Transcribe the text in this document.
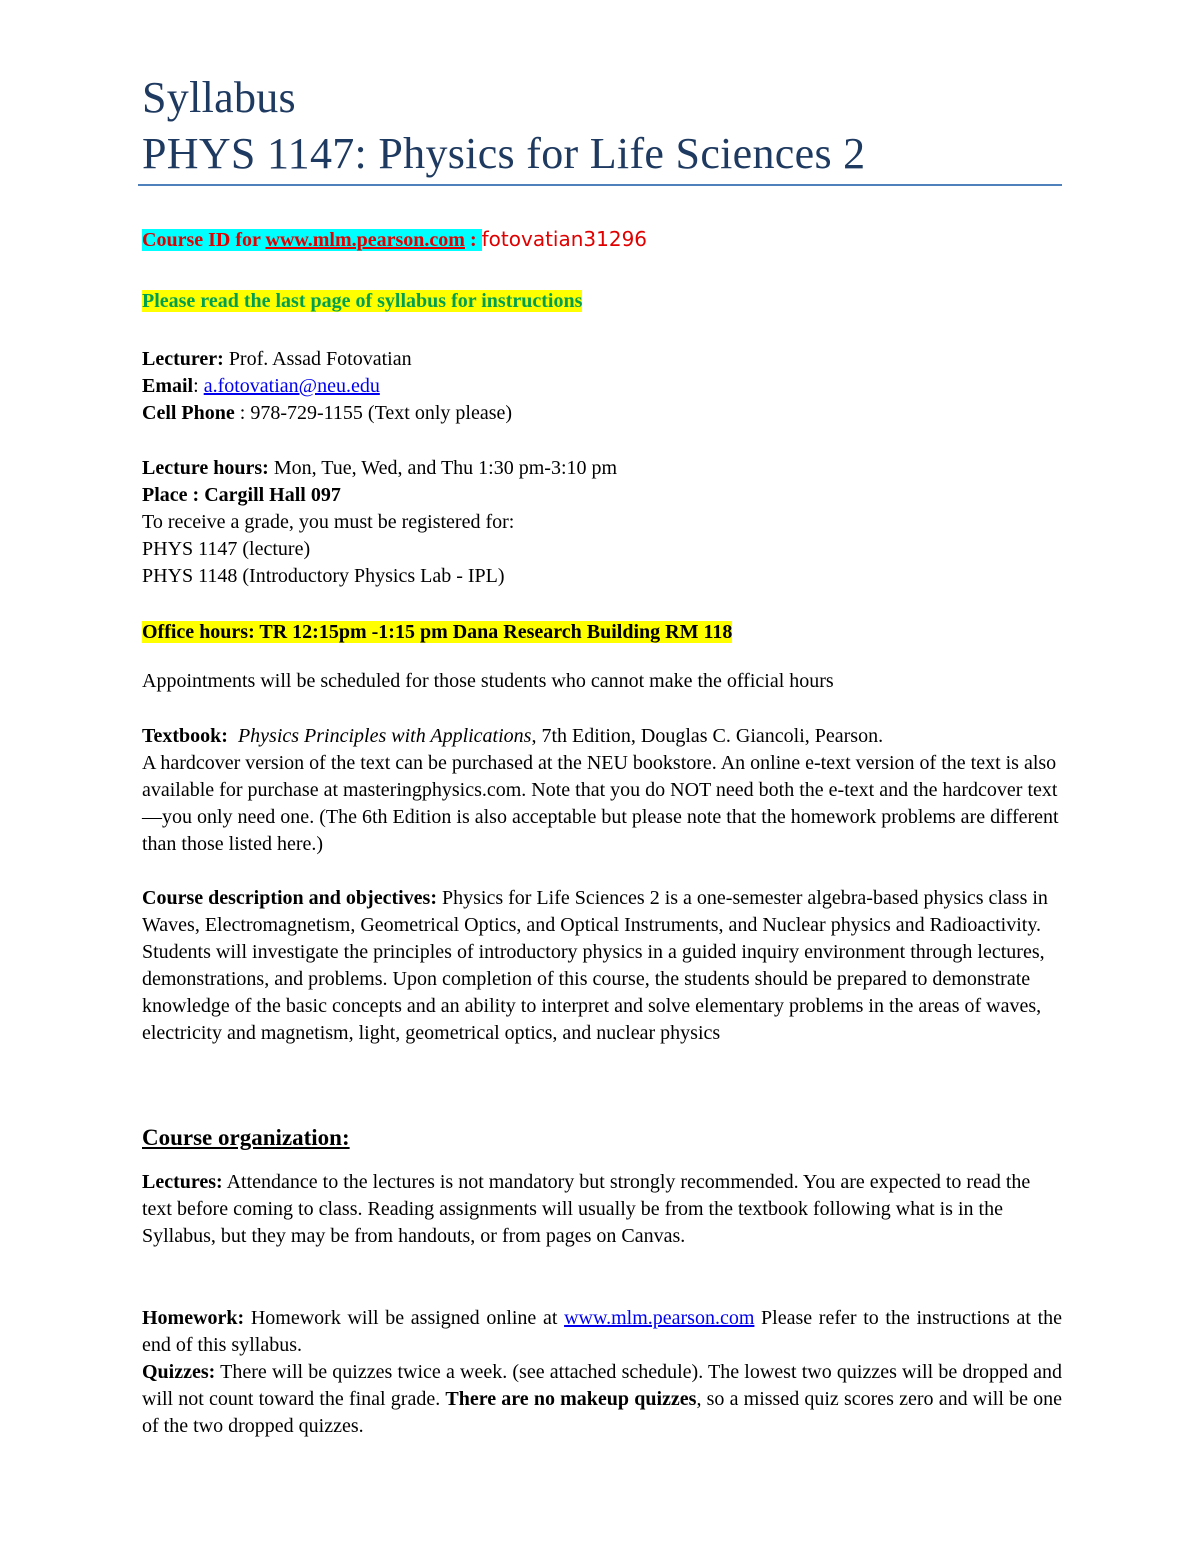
Syllabus
PHYS 1147: Physics for Life Sciences 2
Course ID for www.mlm.pearson.com : fotovatian31296
Please read the last page of syllabus for instructions
Lecturer: Prof. Assad Fotovatian
Email: a.fotovatian@neu.edu
Cell Phone : 978-729-1155 (Text only please)
Lecture hours: Mon, Tue, Wed, and Thu 1:30 pm-3:10 pm
Place : Cargill Hall 097
To receive a grade, you must be registered for:
PHYS 1147 (lecture)
PHYS 1148 (Introductory Physics Lab - IPL)
Office hours: TR 12:15pm -1:15 pm Dana Research Building RM 118
Appointments will be scheduled for those students who cannot make the official hours

Textbook: Physics Principles with Applications, 7th Edition, Douglas C. Giancoli, Pearson.

A hardcover version of the text can be purchased at the NEU bookstore. An online e-text version of the text is also available for purchase at masteringphysics.com. Note that you do NOT need both the e-text and the hardcover text—you only need one. (The 6th Edition is also acceptable but please note that the homework problems are different than those listed here.)

Course description and objectives: Physics for Life Sciences 2 is a one-semester algebra-based physics class in Waves, Electromagnetism, Geometrical Optics, and Optical Instruments, and Nuclear physics and Radioactivity. Students will investigate the principles of introductory physics in a guided inquiry environment through lectures, demonstrations, and problems. Upon completion of this course, the students should be prepared to demonstrate knowledge of the basic concepts and an ability to interpret and solve elementary problems in the areas of waves, electricity and magnetism, light, geometrical optics, and nuclear physics

Course organization:

Lectures: Attendance to the lectures is not mandatory but strongly recommended. You are expected to read the text before coming to class. Reading assignments will usually be from the textbook following what is in the Syllabus, but they may be from handouts, or from pages on Canvas.

Homework: Homework will be assigned online at www.mlm.pearson.com Please refer to the instructions at the end of this syllabus.

Quizzes: There will be quizzes twice a week. (see attached schedule). The lowest two quizzes will be dropped and will not count toward the final grade. There are no makeup quizzes, so a missed quiz scores zero and will be one of the two dropped quizzes.
